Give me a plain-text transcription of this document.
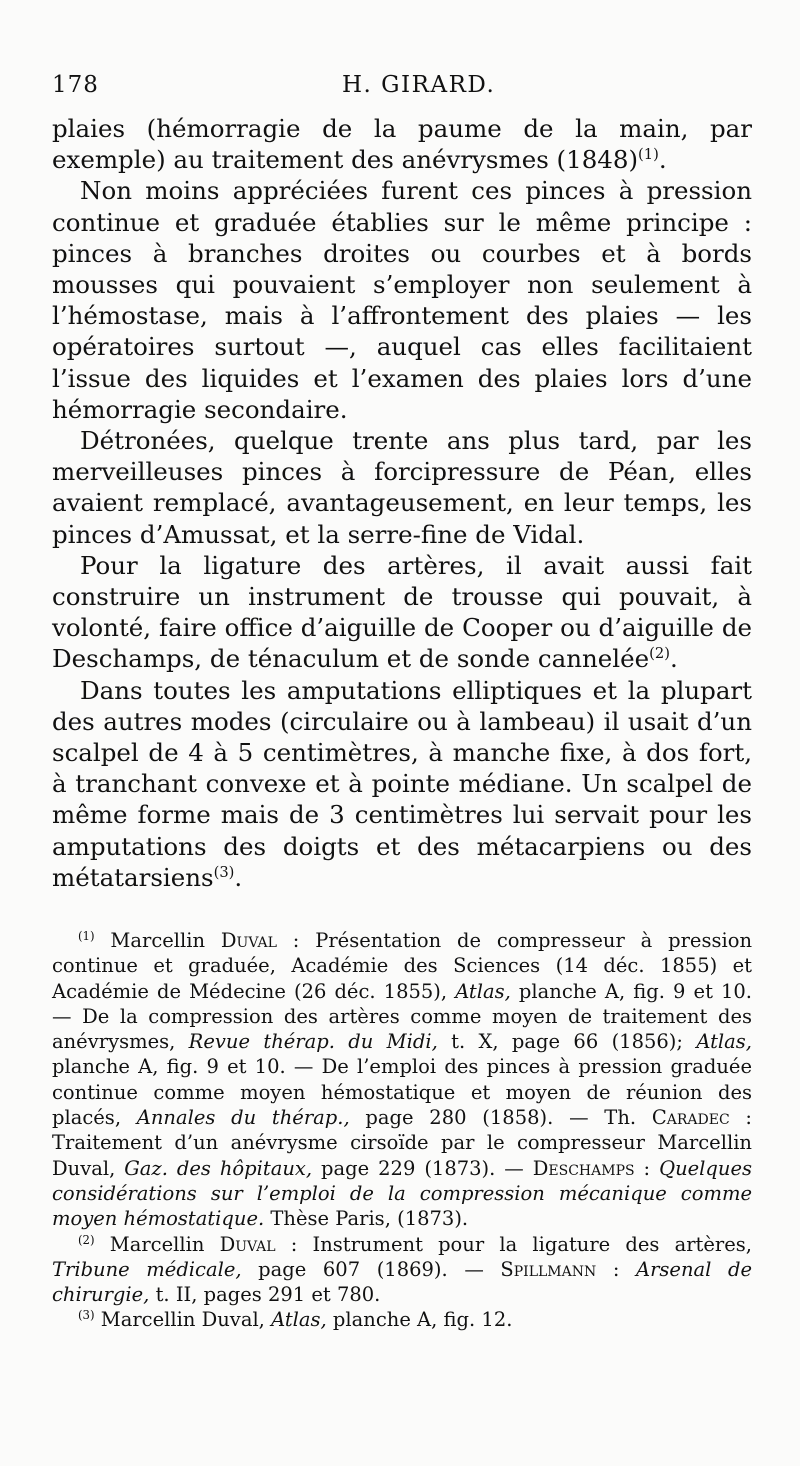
178	H. GIRARD.

plaies (hémorragie de la paume de la main, par exemple) au traitement des anévrysmes $(1848)^{(1)}$.

Non moins appréciées furent ces pinces à pression continue et graduée établies sur le même principe : pinces à branches droites ou courbes et à bords mousses qui pouvaient s’employer non seulement à l’hémostase, mais à l’affrontement des plaies — les opératoires surtout —, auquel cas elles facilitaient l’issue des liquides et l’examen des plaies lors d’une hémorragie secondaire.

Détronées, quelque trente ans plus tard, par les merveilleuses pinces à forcipressure de Péan, elles avaient remplacé, avantageusement, en leur temps, les pinces d’Amussat, et la serre-fine de Vidal.

Pour la ligature des artères, il avait aussi fait construire un instrument de trousse qui pouvait, à volonté, faire office d’aiguille de Cooper ou d’aiguille de Deschamps, de ténaculum et de sonde cannelée$^{(2)}$.

Dans toutes les amputations elliptiques et la plupart des autres modes (circulaire ou à lambeau) il usait d’un scalpel de 4 à 5 centimètres, à manche fixe, à dos fort, à tranchant convexe et à pointe médiane. Un scalpel de même forme mais de 3 centimètres lui servait pour les amputations des doigts et des métacarpiens ou des métatarsiens$^{(3)}$.

$^{(1)}$ Marcellin Duval : Présentation de compresseur à pression continue et graduée, Académie des Sciences (14 déc. 1855) et Académie de Médecine (26 déc. 1855), Atlas, planche A, fig. 9 et 10. — De la compression des artères comme moyen de traitement des anévrysmes, Revue thérap. du Midi, t. X, page 66 (1856); Atlas, planche A, fig. 9 et 10. — De l’emploi des pinces à pression graduée continue comme moyen hémostatique et moyen de réunion des placés, Annales du thérap., page 280 (1858). — Th. Caradec : Traitement d’un anévrysme cirsoïde par le compresseur Marcellin Duval, Gaz. des hôpitaux, page 229 (1873). — Deschamps : Quelques considérations sur l’emploi de la compression mécanique comme moyen hémostatique. Thèse Paris, (1873).

$^{(2)}$ Marcellin Duval : Instrument pour la ligature des artères, Tribune médicale, page 607 (1869). — Spillmann : Arsenal de chirurgie, t. II, pages 291 et 780.

$^{(3)}$ Marcellin Duval, Atlas, planche A, fig. 12.
